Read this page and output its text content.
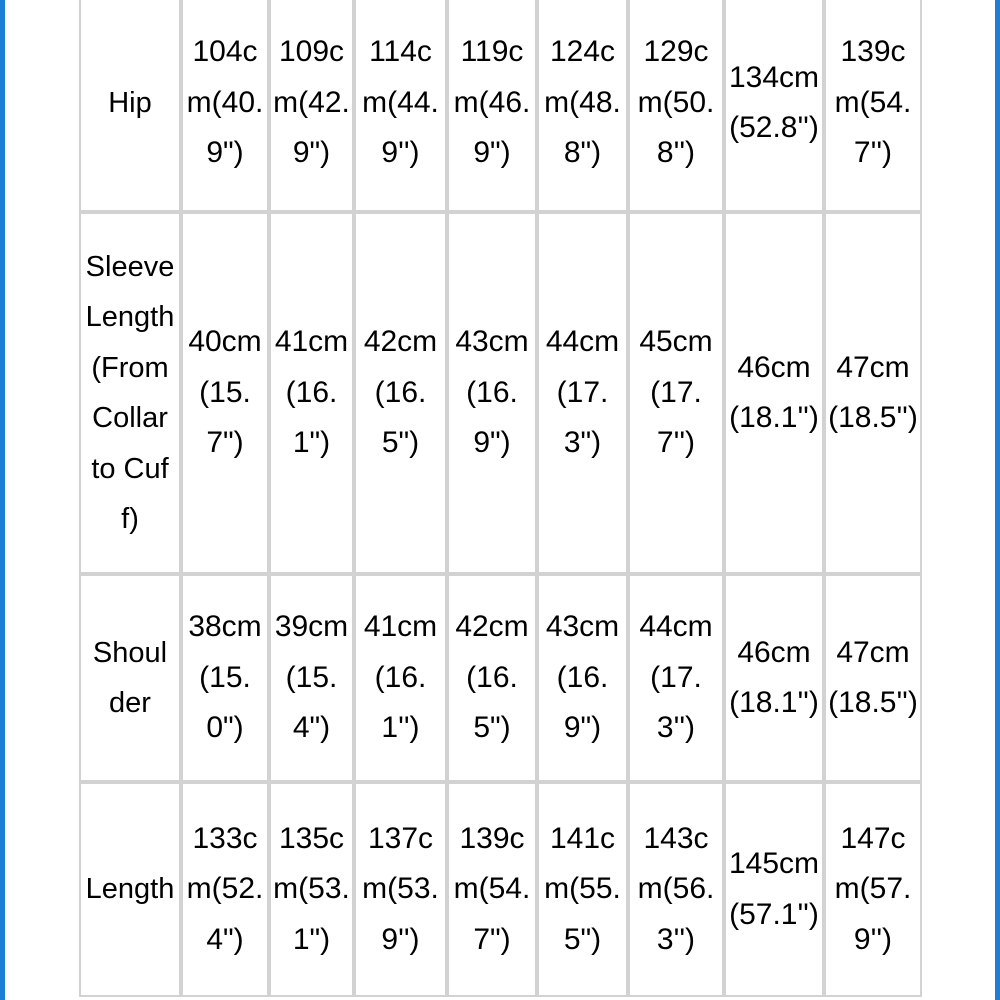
Hip	104cm(40.9")	109cm(42.9")	114cm(44.9'')	119cm(46.9")	124cm(48.8")	129cm(50.8'')	134cm(52.8'')	139cm(54.7'')

Sleeve Length(From Collar to Cuff)	40cm(15.7")	41cm(16.1")	42cm(16.5")	43cm(16.9")	44cm(17.3")	45cm(17.7'')	46cm(18.1'')	47cm(18.5'')

Shoulder	38cm(15.0")	39cm(15.4")	41cm(16.1'')	42cm(16.5")	43cm(16.9")	44cm(17.3'')	46cm(18.1'')	47cm(18.5'')

Length	133cm(52.4")	135cm(53.1")	137cm(53.9'')	139cm(54.7")	141cm(55.5")	143cm(56.3'')	145cm(57.1'')	147cm(57.9'')
